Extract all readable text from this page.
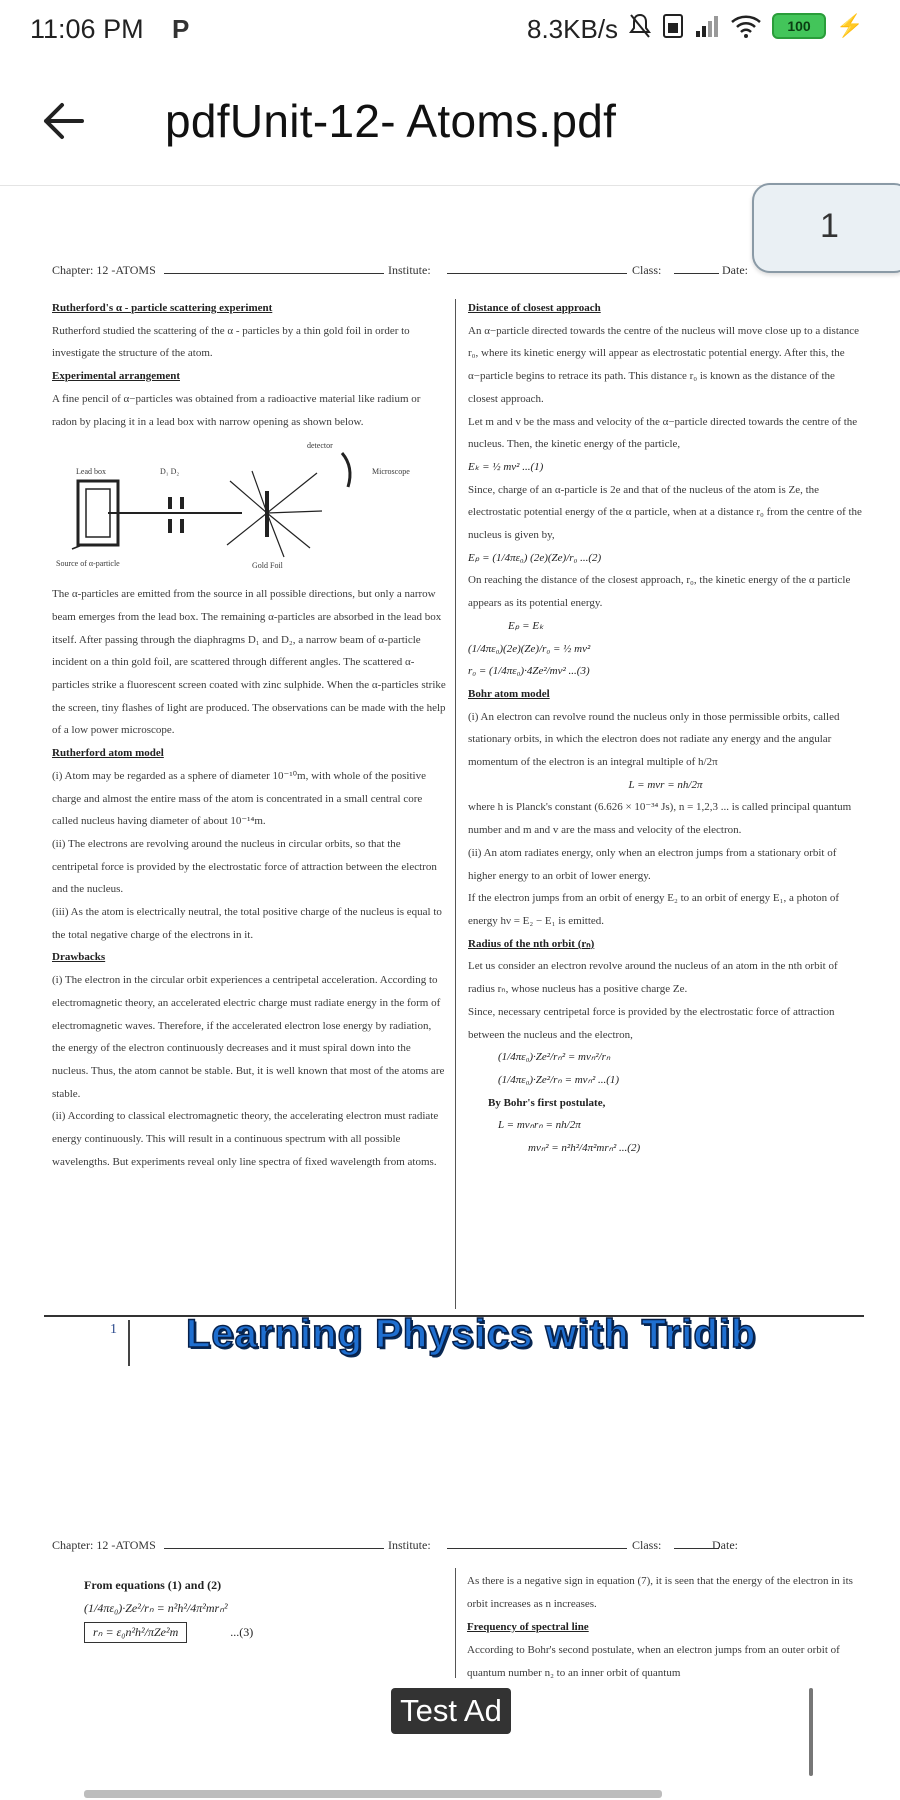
11:06 PM P	8.3KB/s	100 ⚡
pdfUnit-12- Atoms.pdf
1
Chapter: 12 -ATOMS	Institute:	Class:	Date:

Rutherford's α - particle scattering experiment

Rutherford studied the scattering of the α - particles by a thin gold foil in order to investigate the structure of the atom.

Experimental arrangement

A fine pencil of α−particles was obtained from a radioactive material like radium or radon by placing it in a lead box with narrow opening as shown below.

Lead box	D₁ D₂
detector
Microscope
Gold Foil
Source of α-particle

The α-particles are emitted from the source in all possible directions, but only a narrow beam emerges from the lead box. The remaining α-particles are absorbed in the lead box itself. After passing through the diaphragms D₁ and D₂, a narrow beam of α-particle incident on a thin gold foil, are scattered through different angles. The scattered α-particles strike a fluorescent screen coated with zinc sulphide. When the α-particles strike the screen, tiny flashes of light are produced. The observations can be made with the help of a low power microscope.

Rutherford atom model

(i) Atom may be regarded as a sphere of diameter 10⁻¹⁰m, with whole of the positive charge and almost the entire mass of the atom is concentrated in a small central core called nucleus having diameter of about 10⁻¹⁴m.

(ii) The electrons are revolving around the nucleus in circular orbits, so that the centripetal force is provided by the electrostatic force of attraction between the electron and the nucleus.

(iii) As the atom is electrically neutral, the total positive charge of the nucleus is equal to the total negative charge of the electrons in it.

Drawbacks

(i) The electron in the circular orbit experiences a centripetal acceleration. According to electromagnetic theory, an accelerated electric charge must radiate energy in the form of electromagnetic waves. Therefore, if the accelerated electron lose energy by radiation, the energy of the electron continuously decreases and it must spiral down into the nucleus. Thus, the atom cannot be stable. But, it is well known that most of the atoms are stable.

(ii) According to classical electromagnetic theory, the accelerating electron must radiate energy continuously. This will result in a continuous spectrum with all possible wavelengths. But experiments reveal only line spectra of fixed wavelength from atoms.

Distance of closest approach

An α−particle directed towards the centre of the nucleus will move close up to a distance r₀, where its kinetic energy will appear as electrostatic potential energy. After this, the α−particle begins to retrace its path. This distance r₀ is known as the distance of the closest approach.

Let m and v be the mass and velocity of the α−particle directed towards the centre of the nucleus. Then, the kinetic energy of the particle,

Eₖ = ½ mv² ...(1)

Since, charge of an α-particle is 2e and that of the nucleus of the atom is Ze, the electrostatic potential energy of the α particle, when at a distance r₀ from the centre of the nucleus is given by,

Eₚ = (1/4πε₀) (2e)(Ze)/r₀ ...(2)

On reaching the distance of the closest approach, r₀, the kinetic energy of the α particle appears as its potential energy.

Eₚ = Eₖ

(1/4πε₀)(2e)(Ze)/r₀ = ½ mv²

r₀ = (1/4πε₀)·4Ze²/mv² ...(3)

Bohr atom model

(i) An electron can revolve round the nucleus only in those permissible orbits, called stationary orbits, in which the electron does not radiate any energy and the angular momentum of the electron is an integral multiple of h/2π

L = mvr = nh/2π

where h is Planck's constant (6.626 × 10⁻³⁴ Js), n = 1,2,3 ... is called principal quantum number and m and v are the mass and velocity of the electron.

(ii) An atom radiates energy, only when an electron jumps from a stationary orbit of higher energy to an orbit of lower energy.

If the electron jumps from an orbit of energy E₂ to an orbit of energy E₁, a photon of energy hν = E₂ − E₁ is emitted.

Radius of the nth orbit (rₙ)

Let us consider an electron revolve around the nucleus of an atom in the nth orbit of radius rₙ, whose nucleus has a positive charge Ze.

Since, necessary centripetal force is provided by the electrostatic force of attraction between the nucleus and the electron,

(1/4πε₀)·Ze²/rₙ² = mvₙ²/rₙ

(1/4πε₀)·Ze²/rₙ = mvₙ² ...(1)

By Bohr's first postulate,

L = mvₙrₙ = nh/2π

mvₙ² = n²h²/4π²mrₙ² ...(2)

1 Learning Physics with Tridib
Chapter: 12 -ATOMS	Institute:	Class:	Date:

From equations (1) and (2)

(1/4πε₀)·Ze²/rₙ = n²h²/4π²mrₙ²

rₙ = ε₀n²h²/πZe²m	...(3)

As there is a negative sign in equation (7), it is seen that the energy of the electron in its orbit increases as n increases.

Frequency of spectral line

According to Bohr's second postulate, when an electron jumps from an outer orbit of quantum number n₂ to an inner orbit of quantum

Test Ad
